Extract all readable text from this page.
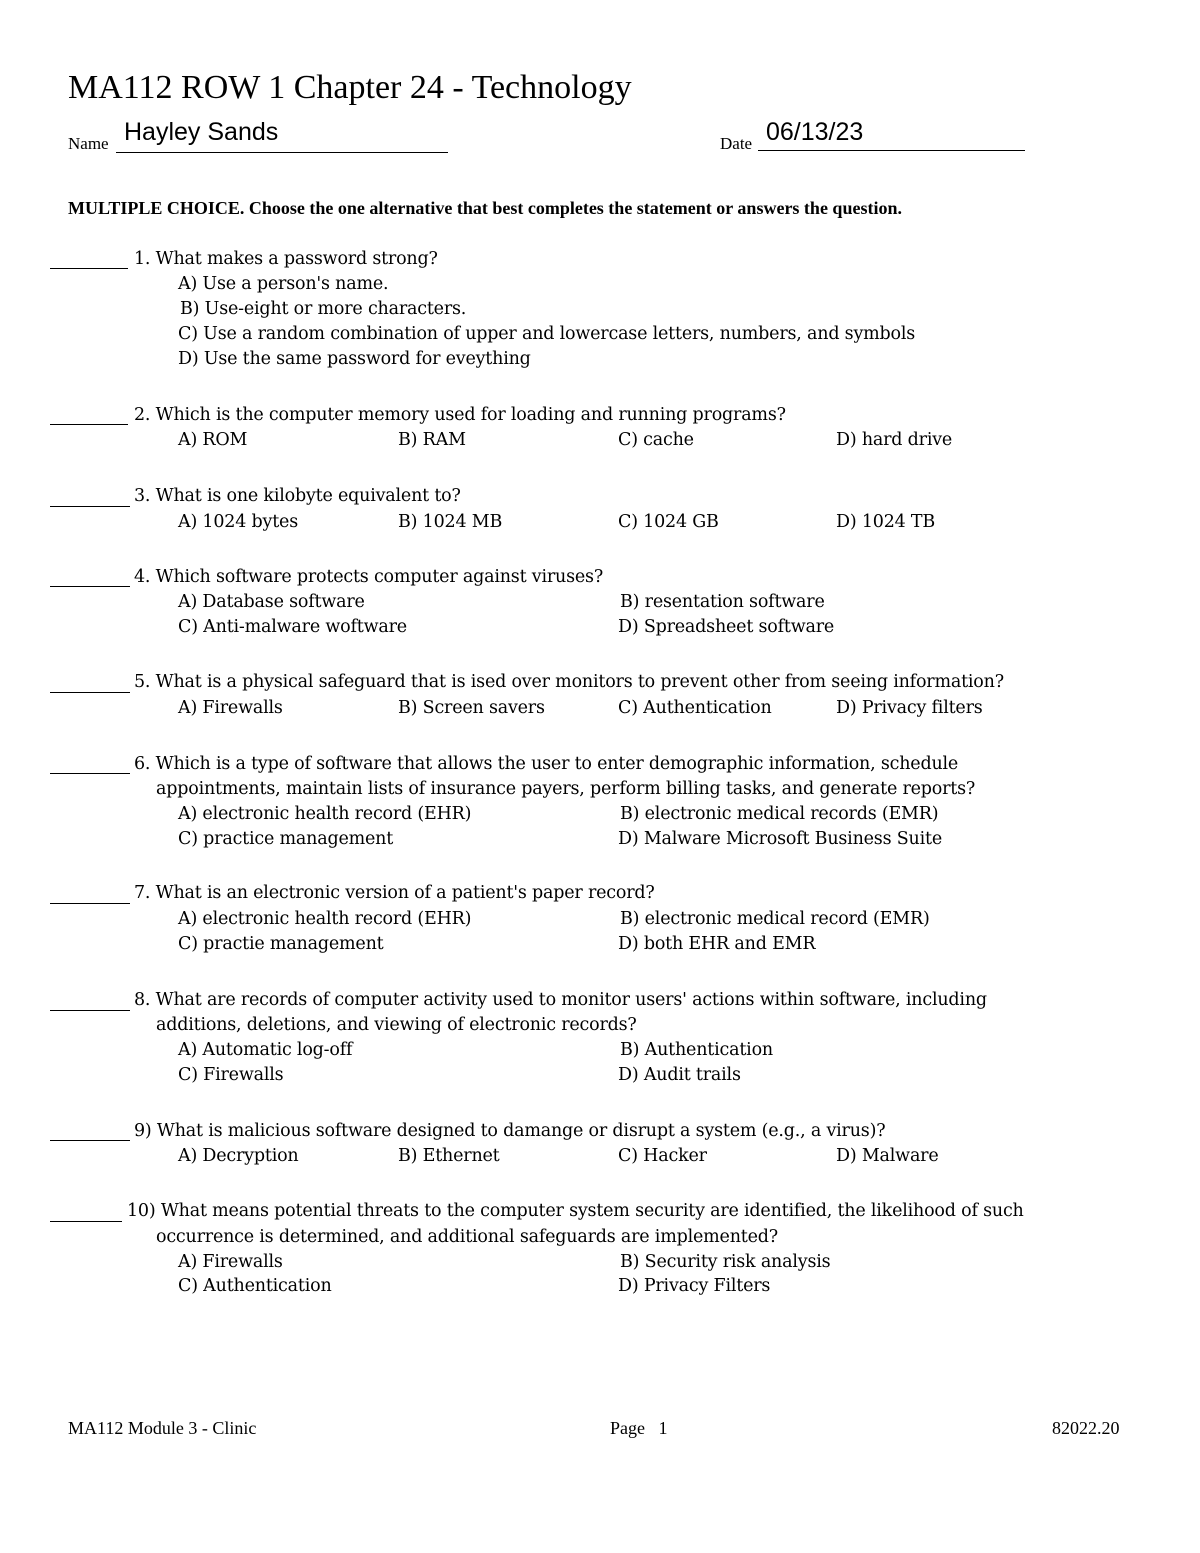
MA112 ROW 1 Chapter 24 - Technology
Name Hayley Sands	Date 06/13/23
MULTIPLE CHOICE. Choose the one alternative that best completes the statement or answers the question.
1. What makes a password strong?
A) Use a person's name.
B) Use-eight or more characters.
C) Use a random combination of upper and lowercase letters, numbers, and symbols
D) Use the same password for eveything
2. Which is the computer memory used for loading and running programs?
A) ROM	B) RAM	C) cache	D) hard drive
3. What is one kilobyte equivalent to?
A) 1024 bytes	B) 1024 MB	C) 1024 GB	D) 1024 TB
4. Which software protects computer against viruses?
A) Database software	B) resentation software
C) Anti-malware woftware	D) Spreadsheet software
5. What is a physical safeguard that is ised over monitors to prevent other from seeing information?
A) Firewalls	B) Screen savers	C) Authentication	D) Privacy filters
6. Which is a type of software that allows the user to enter demographic information, schedule
appointments, maintain lists of insurance payers, perform billing tasks, and generate reports?
A) electronic health record (EHR)	B) electronic medical records (EMR)
C) practice management	D) Malware Microsoft Business Suite
7. What is an electronic version of a patient's paper record?
A) electronic health record (EHR)	B) electronic medical record (EMR)
C) practie management	D) both EHR and EMR
8. What are records of computer activity used to monitor users' actions within software, including
additions, deletions, and viewing of electronic records?
A) Automatic log-off	B) Authentication
C) Firewalls	D) Audit trails
9) What is malicious software designed to damange or disrupt a system (e.g., a virus)?
A) Decryption	B) Ethernet	C) Hacker	D) Malware
10) What means potential threats to the computer system security are identified, the likelihood of such
occurrence is determined, and additional safeguards are implemented?
A) Firewalls	B) Security risk analysis
C) Authentication	D) Privacy Filters
MA112 Module 3 - Clinic	Page   1	82022.20
